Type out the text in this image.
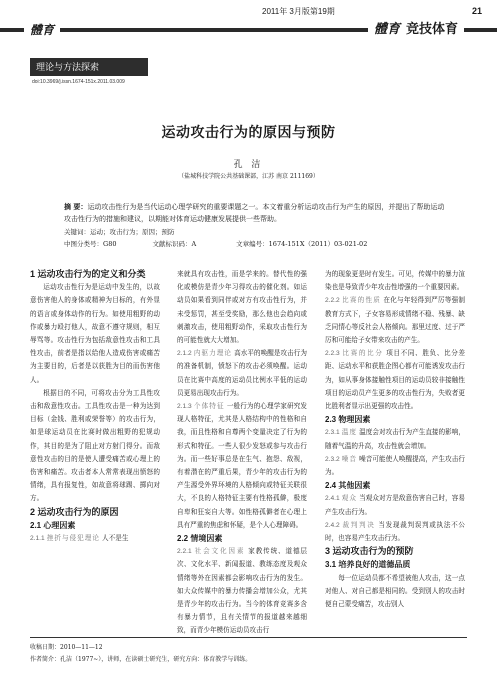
2011年 3月版第19期	21
體育	體育 竞技体育
理论与方法探索
doi:10.3969/j.issn.1674-151x.2011.03.009
运动攻击行为的原因与预防
孔 洁
（盐城科技学院公共基础课部，江苏 南京 211169）
摘 要：运动攻击性行为是当代运动心理学研究的重要课题之一。本文着重分析运动攻击行为产生的原因，并提出了帮助运动攻击性行为的措施和建议，以期能对体育运动健康发展提供一些帮助。
关键词：运动；攻击行为；原因；预防
中图分类号：G80	文献标识码：A	文章编号：1674-151X（2011）03-021-02

1 运动攻击行为的定义和分类

运动攻击性行为是运动中发生的，以故意伤害他人的身体或精神为目标的，有外显的语言或身体动作的行为。如使用粗野的动作或暴力殴打他人，故意不遵守规则，相互辱骂等。攻击性行为包括敌意性攻击和工具性攻击，前者是指以给他人造成伤害或痛苦为主要目的，后者是以获胜为目的而伤害他人。

根据目的不同，可将攻击分为工具性攻击和敌意性攻击。工具性攻击是一种为达到目标（金钱、胜利或荣誉等）的攻击行为，如是球运动员在比赛时做出粗野的犯规动作，其目的是为了阻止对方射门得分。而敌意性攻击的目的是使人遭受痛苦或心理上的伤害和痛苦。攻击者本人常常表现出愤怒的情绪，具有报复性，如故意将球踢、掷向对方。

2 运动攻击行为的原因

2.1 心理因素

2.1.1 挫折与侵犯理论 人不是生

来就具有攻击性，而是学来的。替代性的强化或模仿是青少年习得攻击的催化剂。如运动员如果看到同伴或对方有攻击性行为，并未受惩罚，甚至受奖励，那么他也会趋向或刺激攻击，使用粗野动作，采取攻击性行为的可能性就大大增加。

2.1.2 内驱力理论 高水平的唤醒是攻击行为的准备机制，愤怒下的攻击必须唤醒。运动员在比赛中高度的运动员比例水平低的运动员更易出现攻击行为。

2.1.3 个体特征 一般行为的心理学家研究发现人格特征，尤其是人格结构中的性格和自我，而且性格和自尊两个变量决定了行为的形式和特征。一些人很少发怒或参与攻击行为。而一些好事总是在生气、抱怨、敌视，有着潜在的严重后果，青少年的攻击行为的产生源受外界环境的人格倾向或特征关联很大，不良的人格特征主要有性格孤僻，极度自卑和狂妄自大等。如性格孤僻者在心理上具有严重的焦虑和怀疑，是个人心理障碍。

2.2 情境因素

2.2.1 社会文化因素 家教传统、道德层次、文化水平、新闻报道、教练态度及观众情绪等外在因素都会影响攻击行为的发生。如大众传媒中的暴力传播会增加公众，尤其是青少年的攻击行为。当今的体育竞赛多含有暴力情节，且有关情节的报道越来越细致，而青少年模仿运动员攻击行

为的现象更是时有发生。可见，传媒中的暴力渲染也是导致青少年攻击性增强的一个重要因素。

2.2.2 比赛的性质 在化与年轻得到严厉等强制教育方式下，子女容易形成情绪不稳、残暴、缺乏同情心等反社会人格倾向。那里过度、过于严厉和可能给子女带来攻击的产生。

2.2.3 比赛的比分 项目不同、胜负、比分差距、运动水平和获胜企图心都有可能诱发攻击行为，如从事身体接触性项目的运动员较非接触性项目的运动员产生更多的攻击性行为，失败者更比胜利者显示出更强的攻击性。

2.3 物理因素

2.3.1 温度 温度会对攻击行为产生直接的影响，随着气温的升高，攻击性就会增加。

2.3.2 噪音 噪音可能使人唤醒提高，产生攻击行为。

2.4 其他因素

2.4.1 观众 当观众对方是敌意伤害自己时，容易产生攻击行为。

2.4.2 裁判判决 当发现裁判误判或执法不公时，也容易产生攻击行为。

3 运动攻击行为的预防

3.1 培养良好的道德品质

每一位运动员都不希望被他人攻击，这一点对他人、对自己都是相同的。受到别人的攻击时便自己蒙受痛苦，攻击别人

收稿日期：2010—11—12
作者简介：孔洁（1977~），讲师，在读硕士研究生，研究方向：体育教学与训练。
